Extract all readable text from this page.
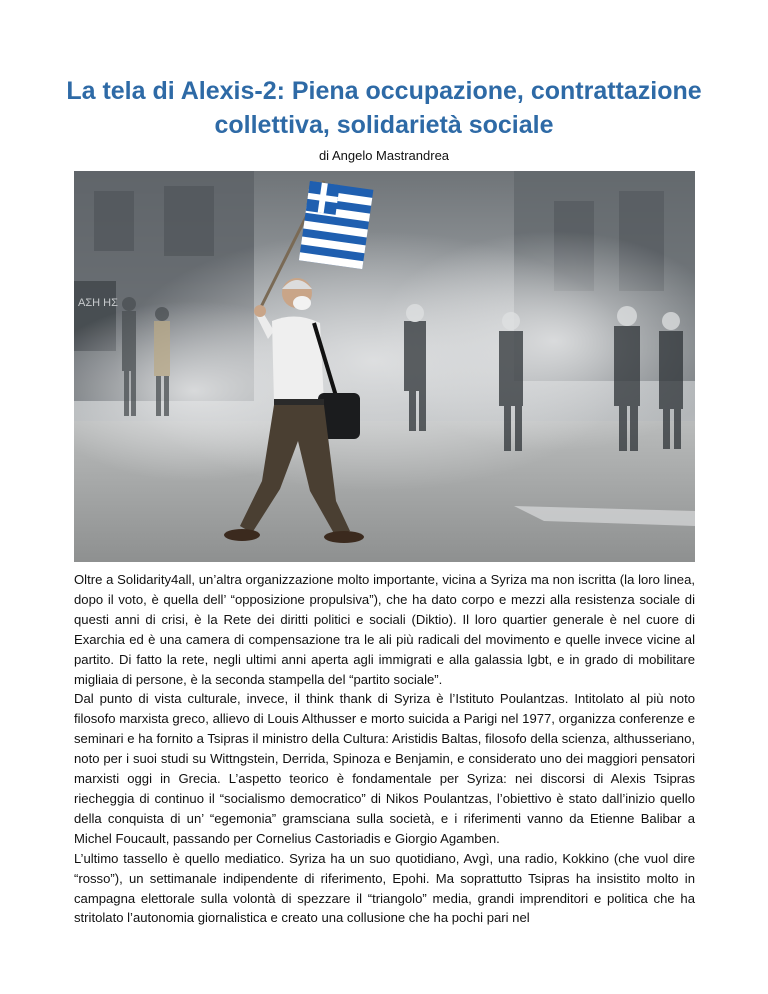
La tela di Alexis-2: Piena occupazione, contrattazione collettiva, solidarietà sociale
di Angelo Mastrandrea
ΑΣΗ ΗΣ

Oltre a Solidarity4all, un’altra organizzazione molto importante, vicina a Syriza ma non iscritta (la loro linea, dopo il voto, è quella dell’ “opposizione propulsiva”), che ha dato corpo e mezzi alla resistenza sociale di questi anni di crisi, è la Rete dei diritti politici e sociali (Diktio). Il loro quartier generale è nel cuore di Exarchia ed è una camera di compensazione tra le ali più radicali del movimento e quelle invece vicine al partito. Di fatto la rete, negli ultimi anni aperta agli immigrati e alla galassia lgbt, e in grado di mobilitare migliaia di persone, è la seconda stampella del “partito sociale”.

Dal punto di vista culturale, invece, il think thank di Syriza è l’Istituto Poulantzas. Intitolato al più noto filosofo marxista greco, allievo di Louis Althusser e morto suicida a Parigi nel 1977, organizza conferenze e seminari e ha fornito a Tsipras il ministro della Cultura: Aristidis Baltas, filosofo della scienza, althusseriano, noto per i suoi studi su Wittngstein, Derrida, Spinoza e Benjamin, e considerato uno dei maggiori pensatori marxisti oggi in Grecia. L’aspetto teorico è fondamentale per Syriza: nei discorsi di Alexis Tsipras riecheggia di continuo il “socialismo democratico” di Nikos Poulantzas, l’obiettivo è stato dall’inizio quello della conquista di un’ “egemonia” gramsciana sulla società, e i riferimenti vanno da Etienne Balibar a Michel Foucault, passando per Cornelius Castoriadis e Giorgio Agamben.

L’ultimo tassello è quello mediatico. Syriza ha un suo quotidiano, Avgì, una radio, Kokkino (che vuol dire “rosso”), un settimanale indipendente di riferimento, Epohi. Ma soprattutto Tsipras ha insistito molto in campagna elettorale sulla volontà di spezzare il “triangolo” media, grandi imprenditori e politica che ha stritolato l’autonomia giornalistica e creato una collusione che ha pochi pari nel
